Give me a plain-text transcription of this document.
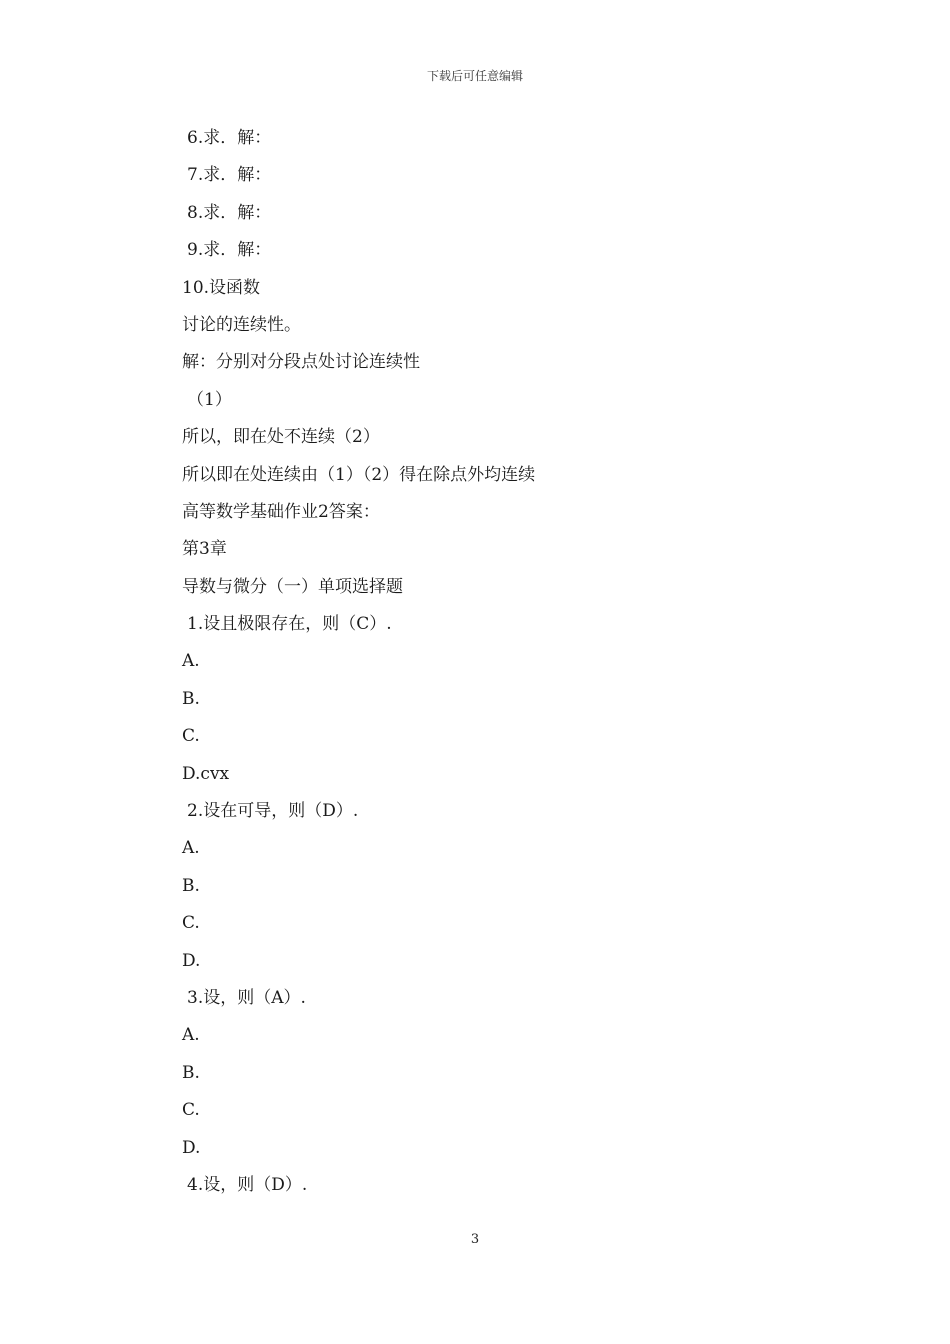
下载后可任意编辑
6.求．解：
7.求．解：
8.求．解：
9.求．解：
10.设函数
讨论的连续性。
解：分别对分段点处讨论连续性
（1）
所以，即在处不连续（2）
所以即在处连续由（1）（2）得在除点外均连续
高等数学基础作业2答案：
第3章
导数与微分（一）单项选择题
1.设且极限存在，则（C）.
A.
B.
C.
D.cvx
2.设在可导，则（D）.
A.
B.
C.
D.
3.设，则（A）.
A.
B.
C.
D.
4.设，则（D）.
3
